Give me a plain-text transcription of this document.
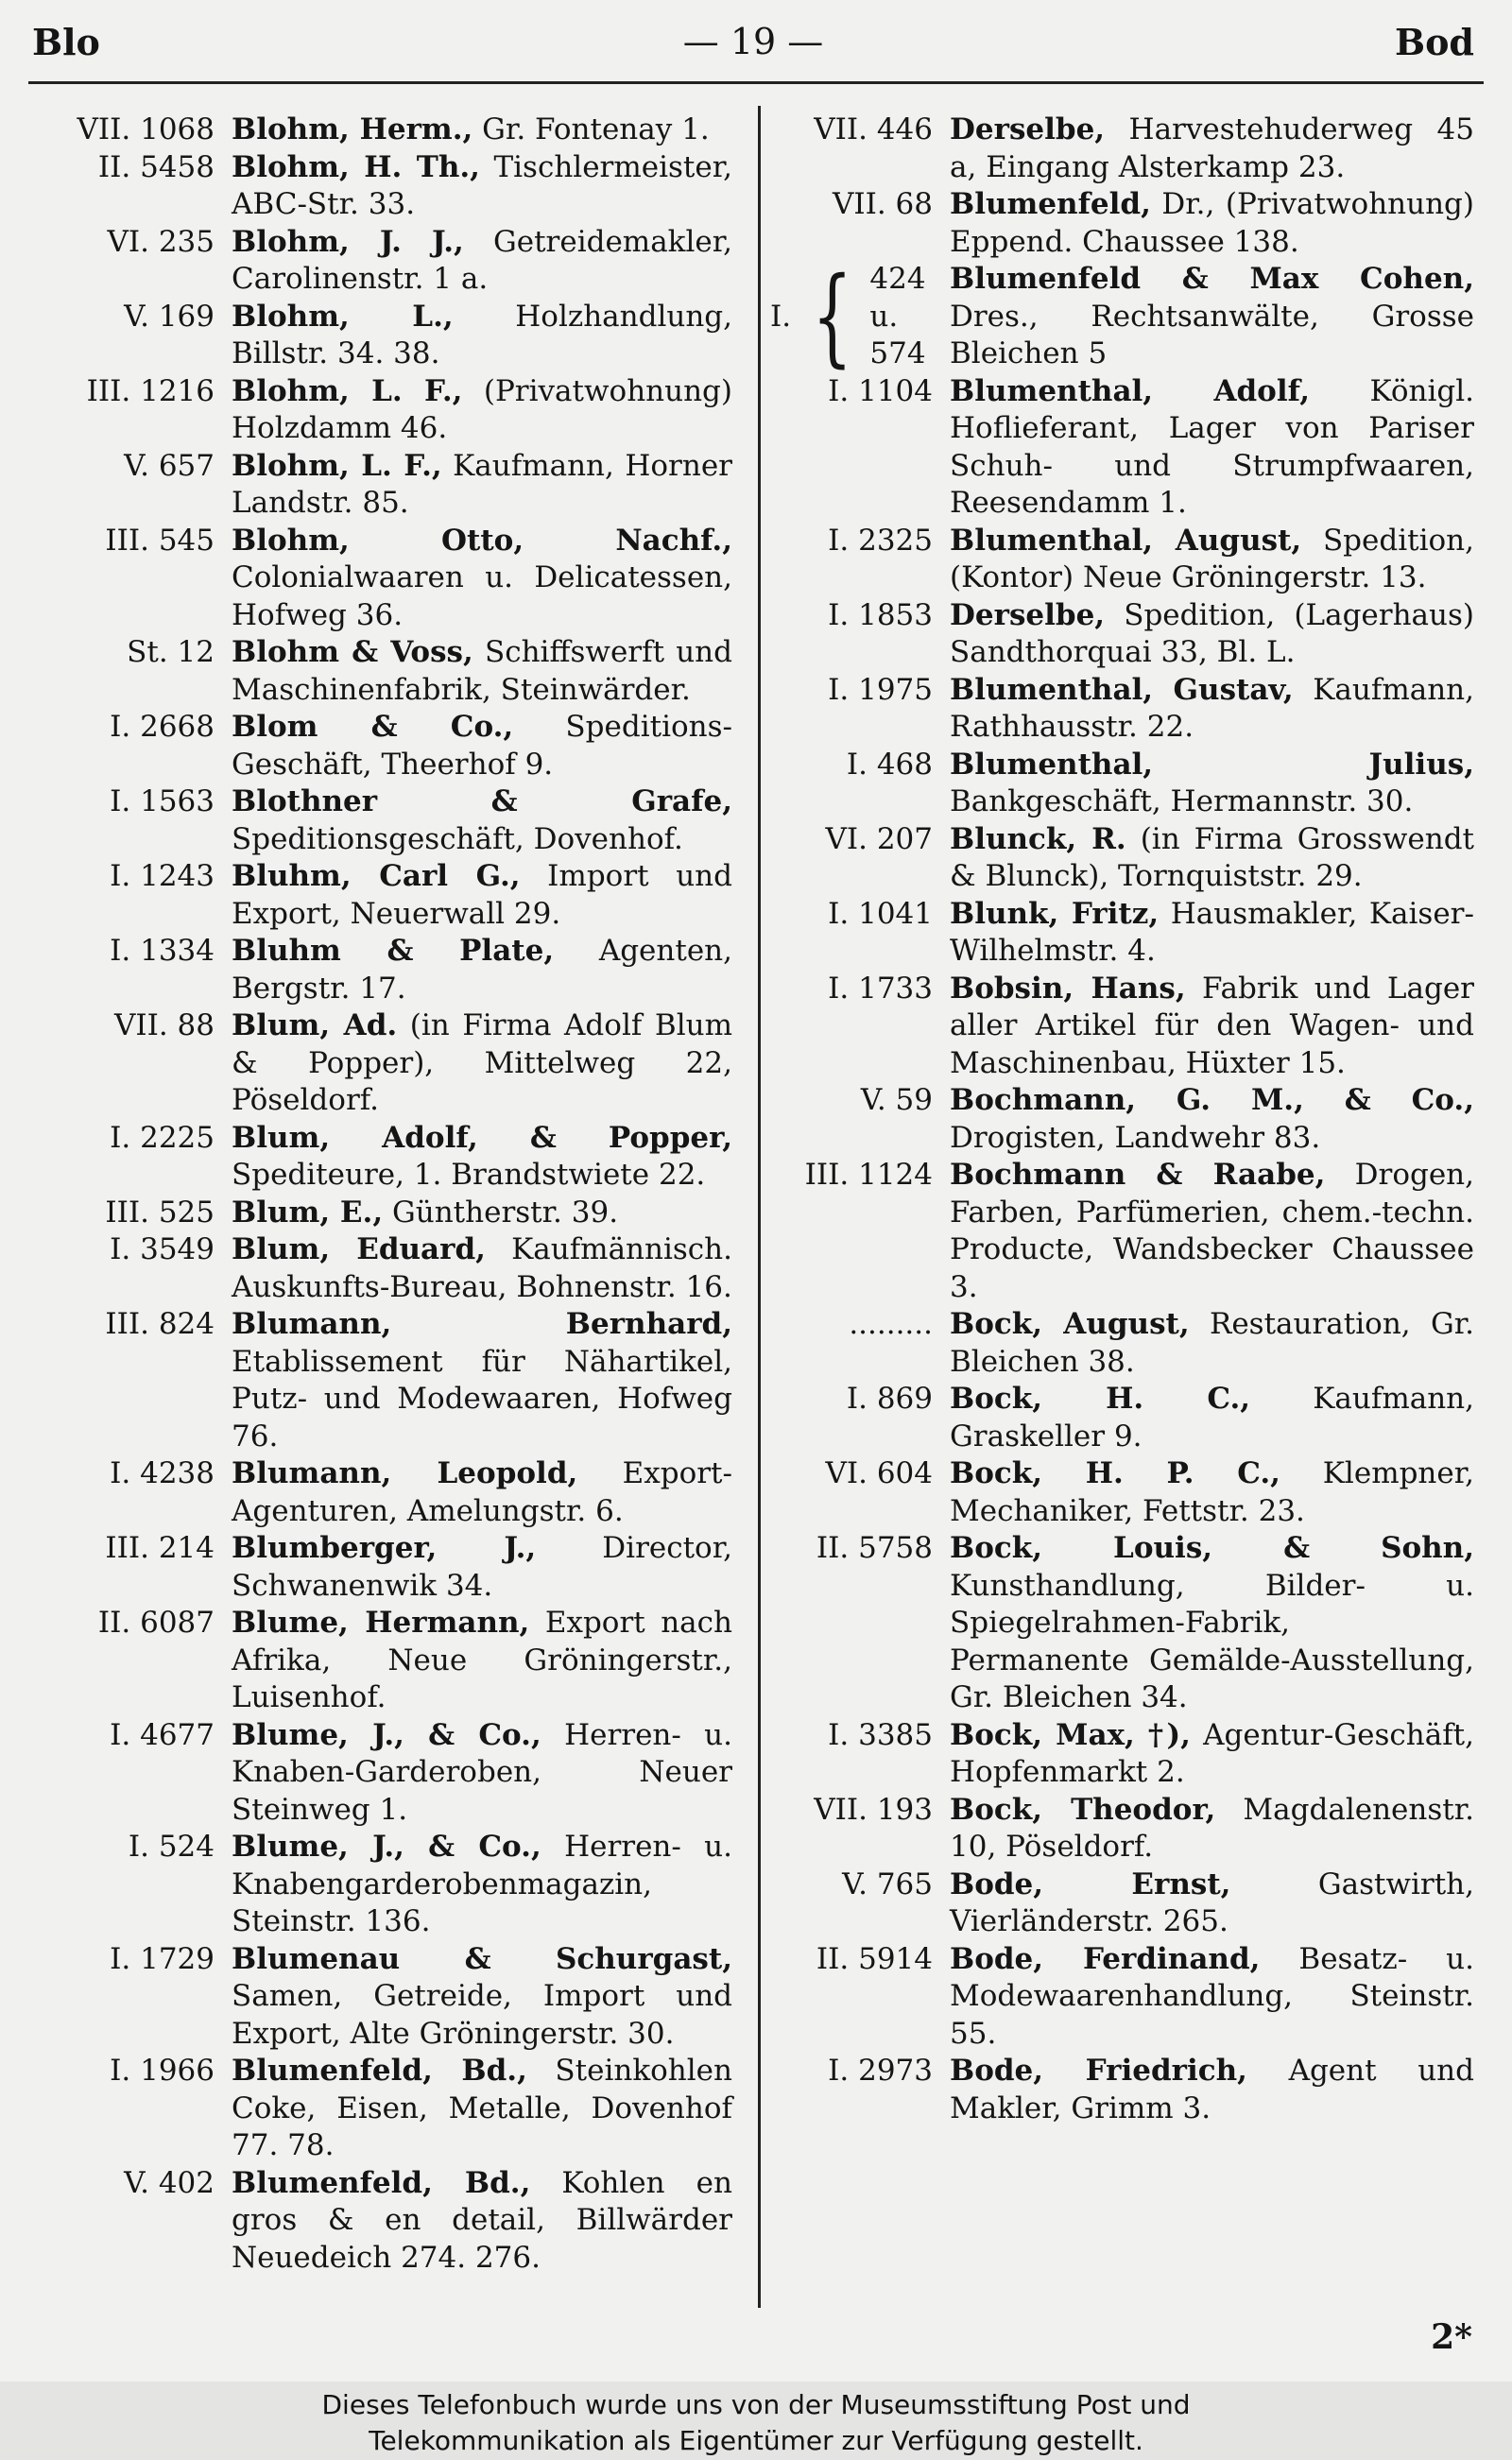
Blo	— 19 —	Bod
VII. 1068 Blohm, Herm., Gr. Fontenay 1.
II. 5458 Blohm, H. Th., Tischlermeister, ABC-Str. 33.
VI. 235 Blohm, J. J., Getreidemakler, Carolinenstr. 1 a.
V. 169 Blohm, L., Holzhandlung, Billstr. 34. 38.
III. 1216 Blohm, L. F., (Privatwohnung) Holzdamm 46.
V. 657 Blohm, L. F., Kaufmann, Horner Landstr. 85.
III. 545 Blohm, Otto, Nachf., Colonialwaaren u. Delicatessen, Hofweg 36.
St. 12 Blohm & Voss, Schiffswerft und Maschinenfabrik, Steinwärder.
I. 2668 Blom & Co., Speditions-Geschäft, Theerhof 9.
I. 1563 Blothner & Grafe, Speditionsgeschäft, Dovenhof.
I. 1243 Bluhm, Carl G., Import und Export, Neuerwall 29.
I. 1334 Bluhm & Plate, Agenten, Bergstr. 17.
VII. 88 Blum, Ad. (in Firma Adolf Blum & Popper), Mittelweg 22, Pöseldorf.
I. 2225 Blum, Adolf, & Popper, Spediteure, 1. Brandstwiete 22.
III. 525 Blum, E., Güntherstr. 39.
I. 3549 Blum, Eduard, Kaufmännisch. Auskunfts-Bureau, Bohnenstr. 16.
III. 824 Blumann, Bernhard, Etablissement für Nähartikel, Putz- und Modewaaren, Hofweg 76.
I. 4238 Blumann, Leopold, Export-Agenturen, Amelungstr. 6.
III. 214 Blumberger, J., Director, Schwanenwik 34.
II. 6087 Blume, Hermann, Export nach Afrika, Neue Gröningerstr., Luisenhof.
I. 4677 Blume, J., & Co., Herren- u. Knaben-Garderoben, Neuer Steinweg 1.
I. 524 Blume, J., & Co., Herren- u. Knabengarderobenmagazin, Steinstr. 136.
I. 1729 Blumenau & Schurgast, Samen, Getreide, Import und Export, Alte Gröningerstr. 30.
I. 1966 Blumenfeld, Bd., Steinkohlen Coke, Eisen, Metalle, Dovenhof 77. 78.
V. 402 Blumenfeld, Bd., Kohlen en gros & en detail, Billwärder Neuedeich 274. 276.
VII. 446 Derselbe, Harvestehuderweg 45 a, Eingang Alsterkamp 23.
VII. 68 Blumenfeld, Dr., (Privatwohnung) Eppend. Chaussee 138.
I. { 424
u.
574
Blumenfeld & Max Cohen, Dres., Rechtsanwälte, Grosse Bleichen 5
I. 1104 Blumenthal, Adolf, Königl. Hoflieferant, Lager von Pariser Schuh- und Strumpfwaaren, Reesendamm 1.
I. 2325 Blumenthal, August, Spedition, (Kontor) Neue Gröningerstr. 13.
I. 1853 Derselbe, Spedition, (Lagerhaus) Sandthorquai 33, Bl. L.
I. 1975 Blumenthal, Gustav, Kaufmann, Rathhausstr. 22.
I. 468 Blumenthal, Julius, Bankgeschäft, Hermannstr. 30.
VI. 207 Blunck, R. (in Firma Grosswendt & Blunck), Tornquiststr. 29.
I. 1041 Blunk, Fritz, Hausmakler, Kaiser-Wilhelmstr. 4.
I. 1733 Bobsin, Hans, Fabrik und Lager aller Artikel für den Wagen- und Maschinenbau, Hüxter 15.
V. 59 Bochmann, G. M., & Co., Drogisten, Landwehr 83.
III. 1124 Bochmann & Raabe, Drogen, Farben, Parfümerien, chem.-techn. Producte, Wandsbecker Chaussee 3.
......... Bock, August, Restauration, Gr. Bleichen 38.
I. 869 Bock, H. C., Kaufmann, Graskeller 9.
VI. 604 Bock, H. P. C., Klempner, Mechaniker, Fettstr. 23.
II. 5758 Bock, Louis, & Sohn, Kunsthandlung, Bilder- u. Spiegelrahmen-Fabrik, Permanente Gemälde-Ausstellung, Gr. Bleichen 34.
I. 3385 Bock, Max, †), Agentur-Geschäft, Hopfenmarkt 2.
VII. 193 Bock, Theodor, Magdalenenstr. 10, Pöseldorf.
V. 765 Bode, Ernst, Gastwirth, Vierländerstr. 265.
II. 5914 Bode, Ferdinand, Besatz- u. Modewaarenhandlung, Steinstr. 55.
I. 2973 Bode, Friedrich, Agent und Makler, Grimm 3.
2*
Dieses Telefonbuch wurde uns von der Museumsstiftung Post und
Telekommunikation als Eigentümer zur Verfügung gestellt.
